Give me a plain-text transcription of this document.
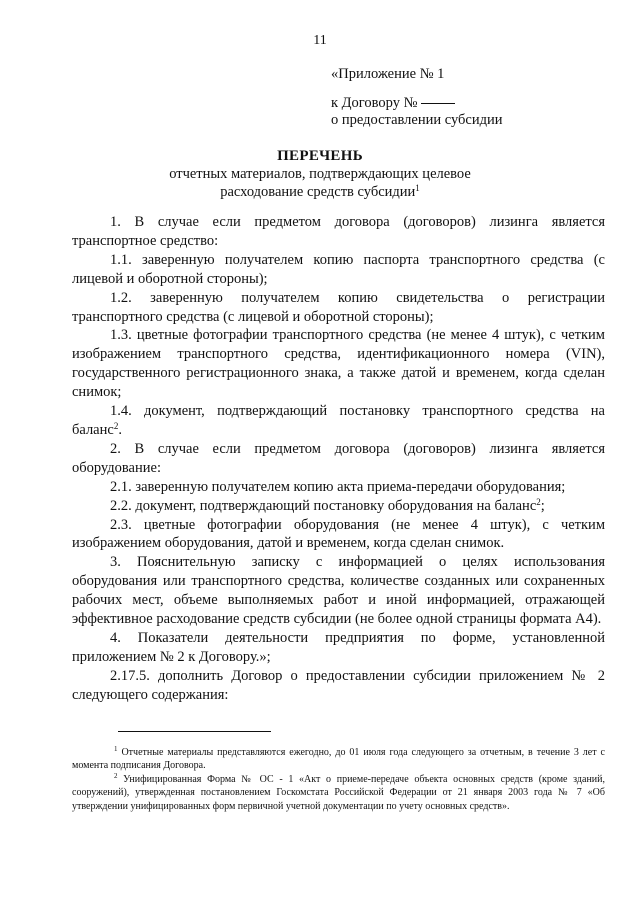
11
«Приложение № 1
к Договору №
о предоставлении субсидии
ПЕРЕЧЕНЬ
отчетных материалов, подтверждающих целевое
расходование средств субсидии$^1$

1. В случае если предметом договора (договоров) лизинга является транспортное средство:

1.1. заверенную получателем копию паспорта транспортного средства (с лицевой и оборотной стороны);

1.2. заверенную получателем копию свидетельства о регистрации транспортного средства (с лицевой и оборотной стороны);

1.3. цветные фотографии транспортного средства (не менее 4 штук), с четким изображением транспортного средства, идентификационного номера (VIN), государственного регистрационного знака, а также датой и временем, когда сделан снимок;

1.4. документ, подтверждающий постановку транспортного средства на баланс$^2$.

2. В случае если предметом договора (договоров) лизинга является оборудование:

2.1. заверенную получателем копию акта приема-передачи оборудования;

2.2. документ, подтверждающий постановку оборудования на баланс$^2$;

2.3. цветные фотографии оборудования (не менее 4 штук), с четким изображением оборудования, датой и временем, когда сделан снимок.

3. Пояснительную записку с информацией о целях использования оборудования или транспортного средства, количестве созданных или сохраненных рабочих мест, объеме выполняемых работ и иной информацией, отражающей эффективное расходование средств субсидии (не более одной страницы формата А4).

4. Показатели деятельности предприятия по форме, установленной приложением № 2 к Договору.»;

2.17.5. дополнить Договор о предоставлении субсидии приложением № 2 следующего содержания:

$^1$ Отчетные материалы представляются ежегодно, до 01 июля года следующего за отчетным, в течение 3 лет с момента подписания Договора.

$^2$ Унифицированная Форма № ОС - 1 «Акт о приеме-передаче объекта основных средств (кроме зданий, сооружений), утвержденная постановлением Госкомстата Российской Федерации от 21 января 2003 года № 7 «Об утверждении унифицированных форм первичной учетной документации по учету основных средств».
